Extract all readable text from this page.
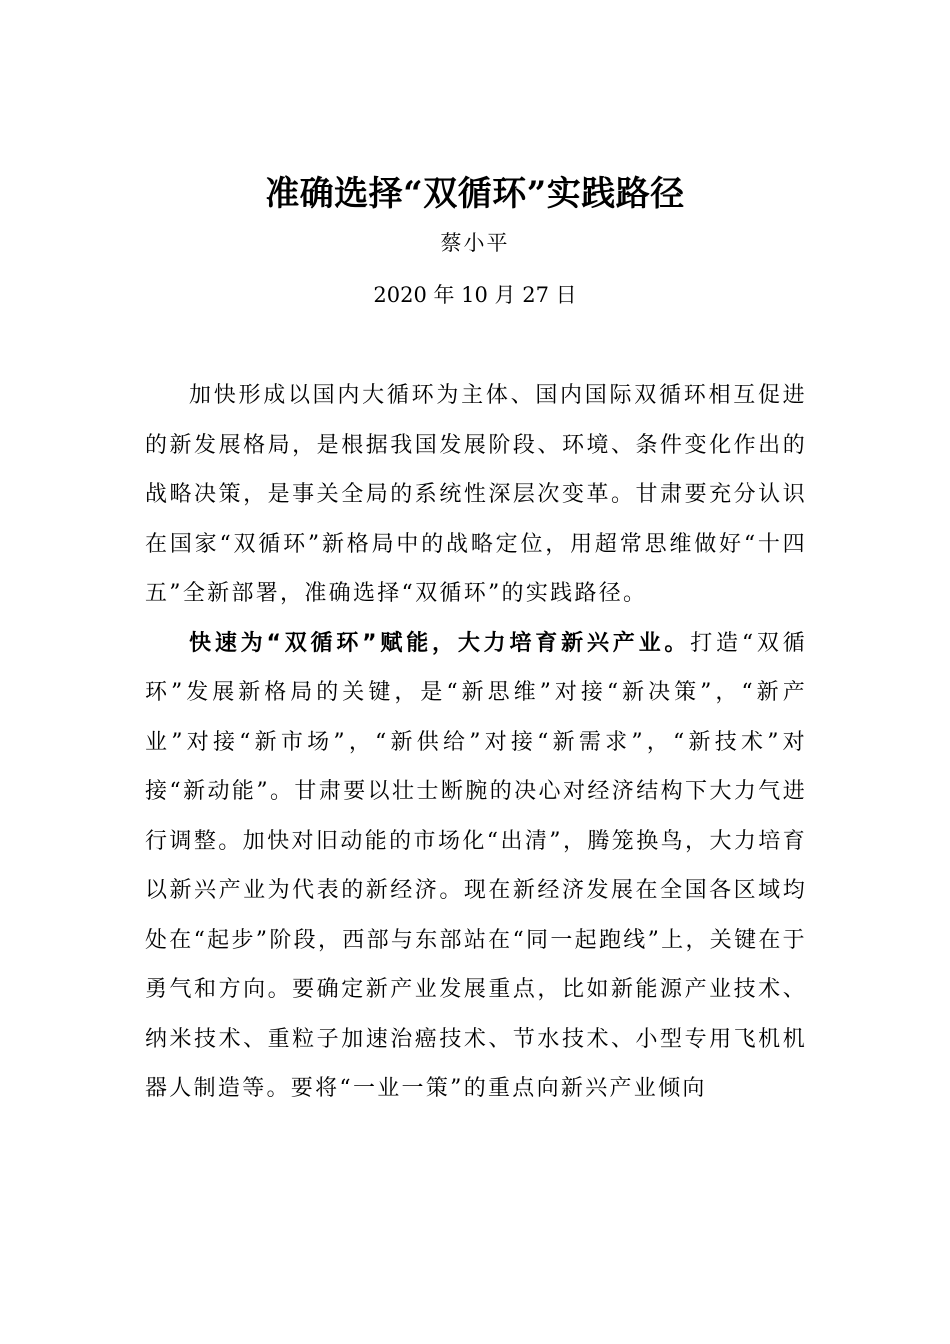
准确选择“双循环”实践路径
蔡小平
2020 年 10 月 27 日

加快形成以国内大循环为主体、国内国际双循环相互促进的新发展格局，是根据我国发展阶段、环境、条件变化作出的战略决策，是事关全局的系统性深层次变革。甘肃要充分认识在国家“双循环”新格局中的战略定位，用超常思维做好“十四五”全新部署，准确选择“双循环”的实践路径。

快速为“双循环”赋能，大力培育新兴产业。打造“双循环”发展新格局的关键，是“新思维”对接“新决策”，“新产业”对接“新市场”，“新供给”对接“新需求”，“新技术”对接“新动能”。甘肃要以壮士断腕的决心对经济结构下大力气进行调整。加快对旧动能的市场化“出清”，腾笼换鸟，大力培育以新兴产业为代表的新经济。现在新经济发展在全国各区域均处在“起步”阶段，西部与东部站在“同一起跑线”上，关键在于勇气和方向。要确定新产业发展重点，比如新能源产业技术、纳米技术、重粒子加速治癌技术、节水技术、小型专用飞机机器人制造等。要将“一业一策”的重点向新兴产业倾向
